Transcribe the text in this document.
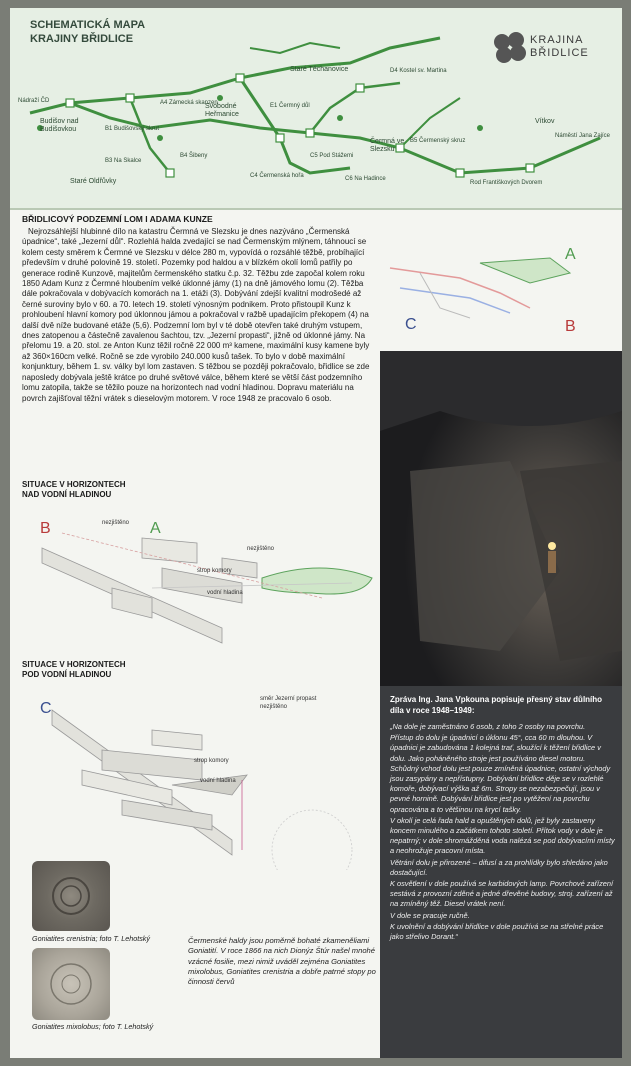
SCHEMATICKÁ MAPA
KRAJINY BŘIDLICE	KRAJINA
BŘIDLICE
Budišov nad Budišovkou
Svobodné Heřmanice
Staré Těchanovice
Čermná ve Slezsku
Vítkov
Staré Oldřůvky
Nádraží ČD	A4 Zámecká skanzen
B1 Budišovský skrut
B3 Na Skalce
B4 Šibeny
C4 Čermenská hořa
C5 Pod Stážemi
C6 Na Hadince
B5 Čermenský skruz
D4 Kostel sv. Martina
E1 Čermný důl
Rod Františkových Dvorem
Náměstí Jana Zajíce
BŘIDLICOVÝ PODZEMNÍ LOM I ADAMA KUNZE
Nejrozsáhlejší hlubinné dílo na katastru Čermná ve Slezsku je dnes nazýváno „Čermenská úpadnice“, také „Jezerní důl“. Rozlehlá halda zvedající se nad Čermenským mlýnem, táhnoucí se kolem cesty směrem k Čermné ve Slezsku v délce 280 m, vypovídá o rozsáhlé těžbě, probíhající především v druhé polovině 19. století. Pozemky pod haldou a v blízkém okolí lomů patřily po generace rodině Kunzově, majitelům čermenského statku č.p. 32. Těžbu zde započal kolem roku 1850 Adam Kunz z Čermné hloubením velké úklonné jámy (1) na dně jámového lomu (2). Těžba dále pokračovala v dobývacích komorách na 1. etáži (3). Dobývání zdejší kvalitní modrošedé až černé suroviny bylo v 60. a 70. letech 19. století výnosným podnikem. Proto přistoupil Kunz k prohloubení hlavní komory pod úklonnou jámou a pokračoval v ražbě upadajícím překopem (4) na další dvě níže budované etáže (5,6). Podzemní lom byl v té době otevřen také druhým vstupem, dnes zatopenou a částečně zavalenou šachtou, tzv. „Jezerní propasti“, jižně od úklonné jámy. Na přelomu 19. a 20. stol. ze Anton Kunz těžil ročně 22 000 m³ kamene, maximální kusy kamene byly až 360×160cm velké. Ročně se zde vyrobilo 240.000 kusů tašek. To bylo v době maximální konjunktury, během 1. sv. války byl lom zastaven. S těžbou se později pokračovalo, břidlice se zde naposledy dobývala ještě krátce po druhé světové válce, během které se větší část podzemního lomu zatopila, takže se těžilo pouze na horizontech nad vodní hladinou. Dopravu materiálu na povrch zajišťoval těžní vrátek s dieselovým motorem. V roce 1948 ze pracovalo 6 osob.
A
B
C
SITUACE V HORIZONTECH
NAD VODNÍ HLADINOU
B	A
nezjištěno
nezjištěno
strop komory
vodní hladina
SITUACE V HORIZONTECH
POD VODNÍ HLADINOU
C
směr Jezerní propast
nezjištěno
strop komory
vodní hladina
Goniatites crenistria; foto T. Lehotský
Goniatites mixolobus; foto T. Lehotský
Čermenské haldy jsou poměrně bohaté zkameněliami Goniatití. V roce 1866 na nich Dionýz Štúr našel mnohé vzácné fosilie, mezi nimiž uváděl zejména Goniatites mixolobus, Goniatites crenistria a dobře patrné stopy po činnosti červů
Zpráva Ing. Jana Vpkouna popisuje přesný stav důlního díla v roce 1948–1949:

„Na dole je zaměstnáno 6 osob, z toho 2 osoby na povrchu.

Přístup do dolu je úpadnicí o úklonu 45°, cca 60 m dlouhou. V úpadnici je zabudována 1 kolejná trať, sloužící k těžení břidlice v dolu. Jako poháněného stroje jest používáno diesel motoru. Schůdný vchod dolu jest pouze zmíněná úpadnice, ostatní východy jsou zasypány a nepřístupny. Dobývání břidlice děje se v rozlehlé komoře, dobývací výška až 6m. Stropy se nezabezpečují, jsou v pevné hornině. Dobývání břidlice jest po vytěžení na povrchu opracována a to většinou na krycí tašky.

V okolí je celá řada hald a opuštěných dolů, jež byly zastaveny koncem minulého a začátkem tohoto století. Přítok vody v dole je nepatrný; v dole shromážděná voda nalézá se pod dobývacími místy a neohrožuje pracovní místa.

Větrání dolu je přirozené – difusí a za prohlídky bylo shledáno jako dostačující.

K osvětlení v dole používá se karbidových lamp. Povrchové zařízení sestává z provozní zděné a jedné dřevěné budovy, stroj. zařízení až na zmíněný těž. Diesel vrátek není.

V dole se pracuje ručně.

K uvolnění a dobývání břidlice v dole používá se na střelné práce jako střelivo Dorant.“
